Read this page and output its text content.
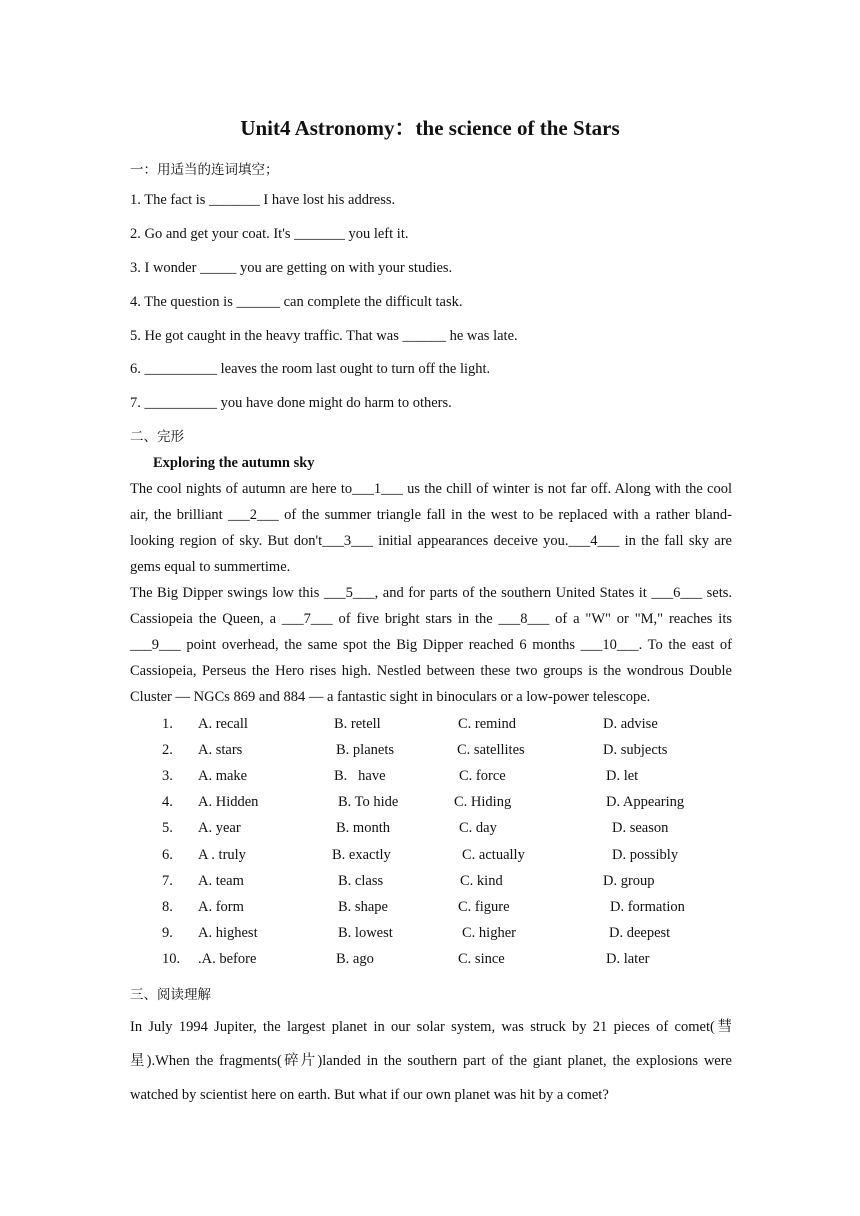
Unit4 Astronomy：the science of the Stars
一：用适当的连词填空；
1. The fact is _______ I have lost his address.
2. Go and get your coat. It's _______ you left it.
3. I wonder _____ you are getting on with your studies.
4. The question is ______ can complete the difficult task.
5. He got caught in the heavy traffic. That was ______ he was late.
6. __________ leaves the room last ought to turn off the light.
7. __________ you have done might do harm to others.
二、完形
Exploring the autumn sky
The cool nights of autumn are here to___1___ us the chill of winter is not far off. Along with the cool air, the brilliant ___2___ of the summer triangle fall in the west to be replaced with a rather bland-looking region of sky. But don't___3___ initial appearances deceive you.___4___ in the fall sky are gems equal to summertime.
The Big Dipper swings low this ___5___, and for parts of the southern United States it ___6___ sets. Cassiopeia the Queen, a ___7___ of five bright stars in the ___8___ of a "W" or "M," reaches its ___9___ point overhead, the same spot the Big Dipper reached 6 months ___10___. To the east of Cassiopeia, Perseus the Hero rises high. Nestled between these two groups is the wondrous Double Cluster — NGCs 869 and 884 — a fantastic sight in binoculars or a low-power telescope.
1. A. recall	B. retell	C. remind	D. advise
2. A. stars	B. planets	C. satellites	D. subjects
3. A. make	B.   have	C. force	D. let
4. A. Hidden	B. To hide	C. Hiding	D. Appearing
5. A. year	B. month	C. day	D. season
6. A . truly	B. exactly	C. actually	D. possibly
7. A. team	B. class	C. kind	D. group
8. A. form	B. shape	C. figure	D. formation
9. A. highest	B. lowest	C. higher	D. deepest
10. .A. before	B. ago	C. since	D. later
三、阅读理解
In July 1994 Jupiter, the largest planet in our solar system, was struck by 21 pieces of comet(彗星).When the fragments(碎片)landed in the southern part of the giant planet, the explosions were watched by scientist here on earth. But what if our own planet was hit by a comet?
